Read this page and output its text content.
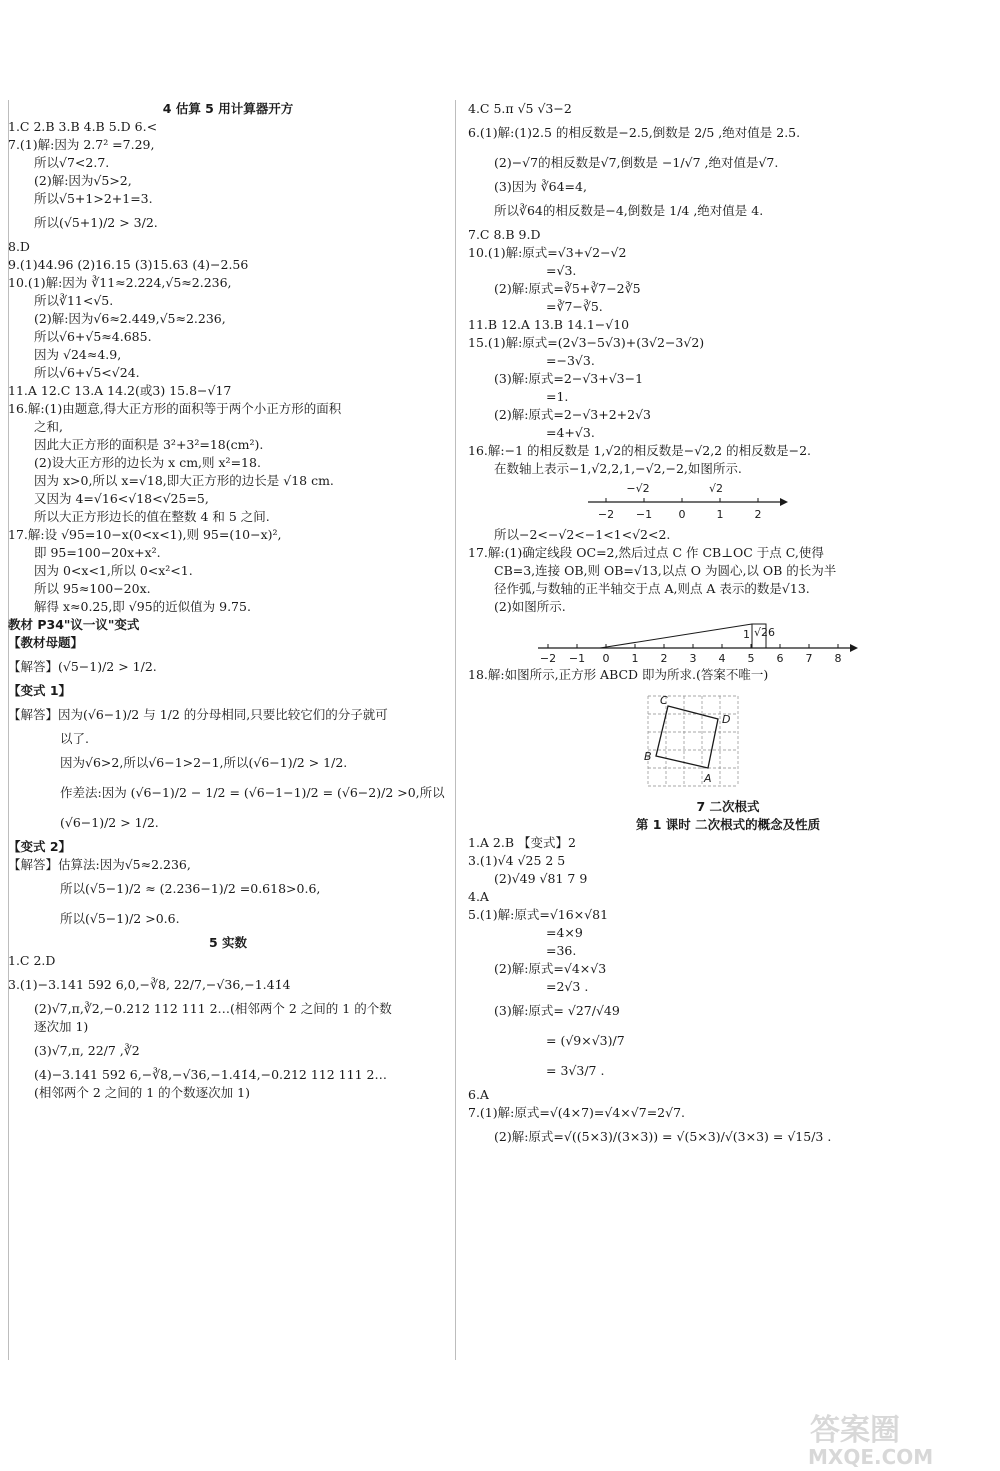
4 估算 5 用计算器开方
1.C 2.B 3.B 4.B 5.D 6.<
7.(1)解:因为 2.7² =7.29,
所以√7<2.7.
(2)解:因为√5>2,
所以√5+1>2+1=3.
所以(√5+1)/2 > 3/2.
8.D
9.(1)44.96 (2)16.15 (3)15.63 (4)−2.56
10.(1)解:因为 ∛11≈2.224,√5≈2.236,
所以∛11<√5.
(2)解:因为√6≈2.449,√5≈2.236,
所以√6+√5≈4.685.
因为 √24≈4.9,
所以√6+√5<√24.
11.A 12.C 13.A 14.2(或3) 15.8−√17
16.解:(1)由题意,得大正方形的面积等于两个小正方形的面积
之和,
因此大正方形的面积是 3²+3²=18(cm²).
(2)设大正方形的边长为 x cm,则 x²=18.
因为 x>0,所以 x=√18,即大正方形的边长是 √18 cm.
又因为 4=√16<√18<√25=5,
所以大正方形边长的值在整数 4 和 5 之间.
17.解:设 √95=10−x(0<x<1),则 95=(10−x)²,
即 95=100−20x+x².
因为 0<x<1,所以 0<x²<1.
所以 95≈100−20x.
解得 x≈0.25,即 √95的近似值为 9.75.
教材 P34"议一议"变式
【教材母题】
【解答】(√5−1)/2 > 1/2.
【变式 1】
【解答】因为(√6−1)/2 与 1/2 的分母相同,只要比较它们的分子就可
以了.
因为√6>2,所以√6−1>2−1,所以(√6−1)/2 > 1/2.
作差法:因为 (√6−1)/2 − 1/2 = (√6−1−1)/2 = (√6−2)/2 >0,所以
(√6−1)/2 > 1/2.
【变式 2】
【解答】估算法:因为√5≈2.236,
所以(√5−1)/2 ≈ (2.236−1)/2 =0.618>0.6,
所以(√5−1)/2 >0.6.
5 实数
1.C 2.D
3.(1)−3.141 592 6,0,−∛8, 22/7,−√36,−1.41̇4̇
(2)√7,π,∛2,−0.212 112 111 2…(相邻两个 2 之间的 1 的个数
逐次加 1)
(3)√7,π, 22/7 ,∛2
(4)−3.141 592 6,−∛8,−√36,−1.41̇4̇,−0.212 112 111 2…
(相邻两个 2 之间的 1 的个数逐次加 1)
4.C 5.π √5 √3−2
6.(1)解:(1)2.5 的相反数是−2.5,倒数是 2/5 ,绝对值是 2.5.
(2)−√7的相反数是√7,倒数是 −1/√7 ,绝对值是√7.
(3)因为 ∛64=4,
所以∛64的相反数是−4,倒数是 1/4 ,绝对值是 4.
7.C 8.B 9.D
10.(1)解:原式=√3+√2−√2
=√3.
(2)解:原式=∛5+∛7−2∛5
=∛7−∛5.
11.B 12.A 13.B 14.1−√10
15.(1)解:原式=(2√3−5√3)+(3√2−3√2)
=−3√3.
(3)解:原式=2−√3+√3−1
=1.
(2)解:原式=2−√3+2+2√3
=4+√3.
16.解:−1 的相反数是 1,√2的相反数是−√2,2 的相反数是−2.
在数轴上表示−1,√2,2,1,−√2,−2,如图所示.
−2 −1 0	1	2
−√2	√2
所以−2<−√2<−1<1<√2<2.
17.解:(1)确定线段 OC=2,然后过点 C 作 CB⊥OC 于点 C,使得
CB=3,连接 OB,则 OB=√13,以点 O 为圆心,以 OB 的长为半
径作弧,与数轴的正半轴交于点 A,则点 A 表示的数是√13.
(2)如图所示.
1 √26
−2 −1 0 1 2 3 4 5 6 7 8
18.解:如图所示,正方形 ABCD 即为所求.(答案不唯一)
C
D
B
A
7 二次根式
第 1 课时 二次根式的概念及性质
1.A 2.B 【变式】2
3.(1)√4 √25 2 5
(2)√49 √81 7 9
4.A
5.(1)解:原式=√16×√81
=4×9
=36.
(2)解:原式=√4×√3
=2√3 .
(3)解:原式= √27/√49
= (√9×√3)/7
= 3√3/7 .
6.A
7.(1)解:原式=√(4×7)=√4×√7=2√7.
(2)解:原式=√((5×3)/(3×3)) = √(5×3)/√(3×3) = √15/3 .
答案圈
MXQE.COM
